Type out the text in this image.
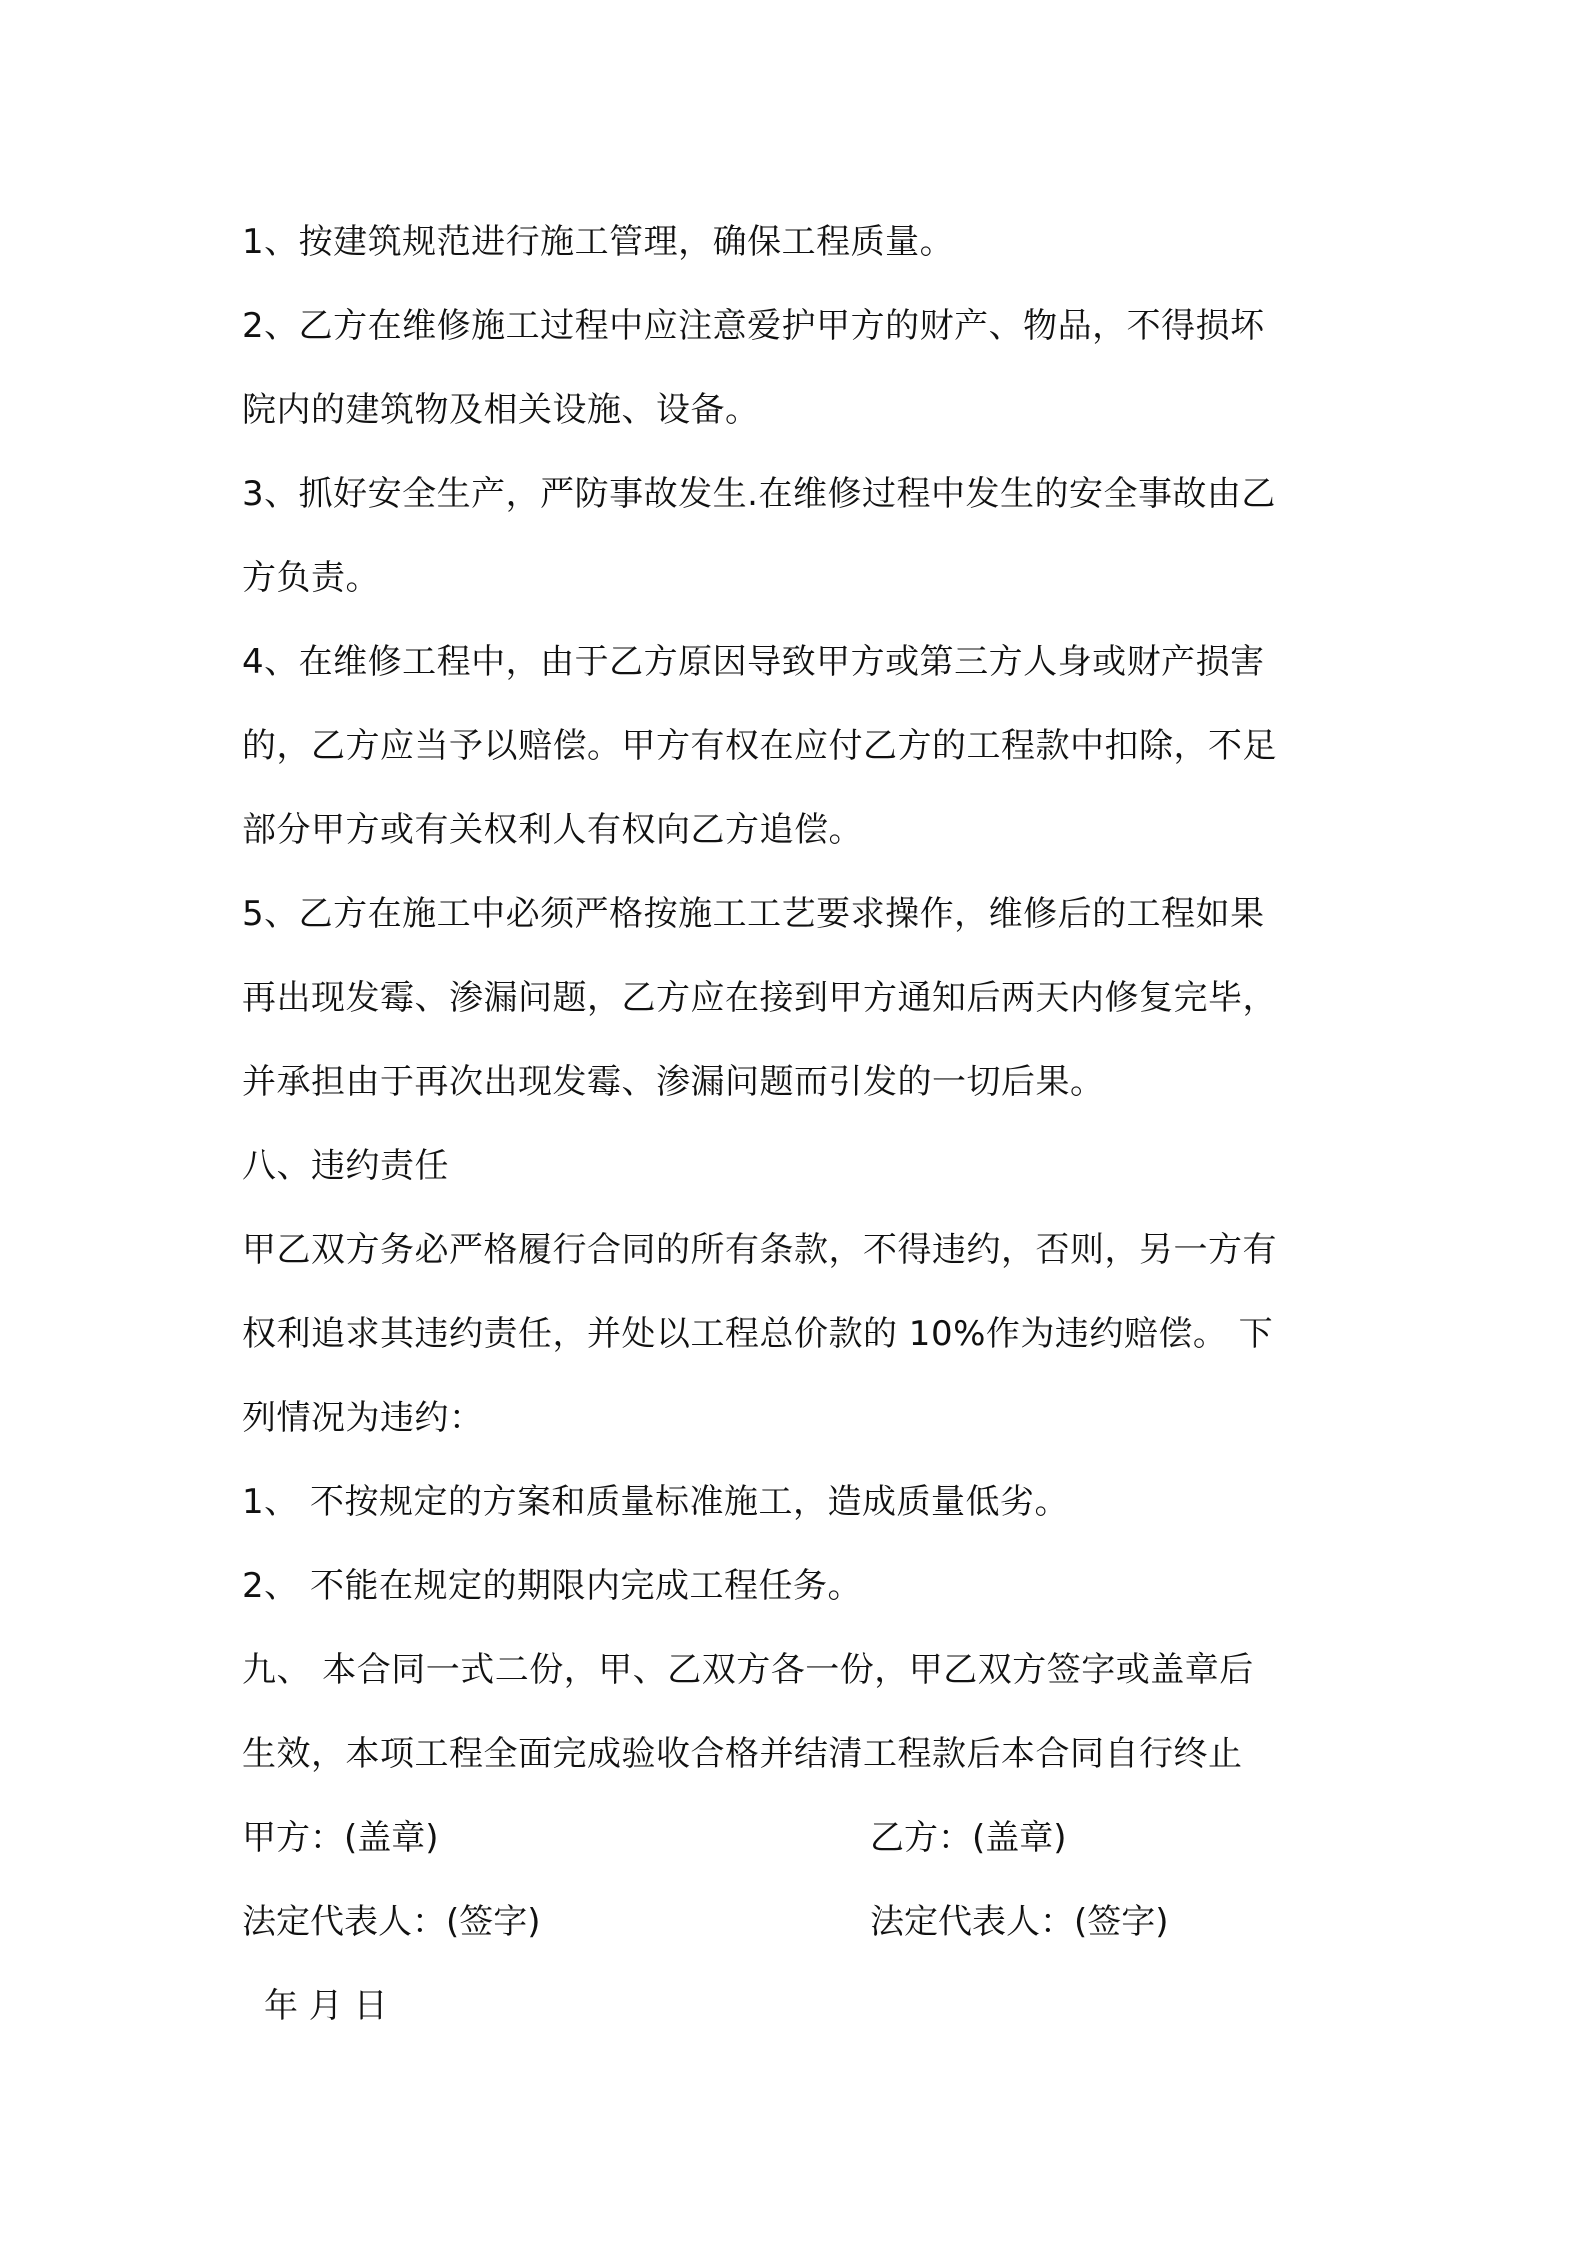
1、按建筑规范进行施工管理，确保工程质量。
2、乙方在维修施工过程中应注意爱护甲方的财产、物品，不得损坏
院内的建筑物及相关设施、设备。
3、抓好安全生产，严防事故发生.在维修过程中发生的安全事故由乙
方负责。
4、在维修工程中，由于乙方原因导致甲方或第三方人身或财产损害
的，乙方应当予以赔偿。甲方有权在应付乙方的工程款中扣除，不足
部分甲方或有关权利人有权向乙方追偿。
5、乙方在施工中必须严格按施工工艺要求操作，维修后的工程如果
再出现发霉、渗漏问题，乙方应在接到甲方通知后两天内修复完毕，
并承担由于再次出现发霉、渗漏问题而引发的一切后果。
八、违约责任
甲乙双方务必严格履行合同的所有条款，不得违约，否则，另一方有
权利追求其违约责任，并处以工程总价款的 10%作为违约赔偿。 下
列情况为违约：
1、 不按规定的方案和质量标准施工，造成质量低劣。
2、 不能在规定的期限内完成工程任务。
九、 本合同一式二份，甲、乙双方各一份，甲乙双方签字或盖章后
生效，本项工程全面完成验收合格并结清工程款后本合同自行终止
甲方：(盖章)	乙方：(盖章)
法定代表人：(签字)	法定代表人：(签字)
年 月 日
